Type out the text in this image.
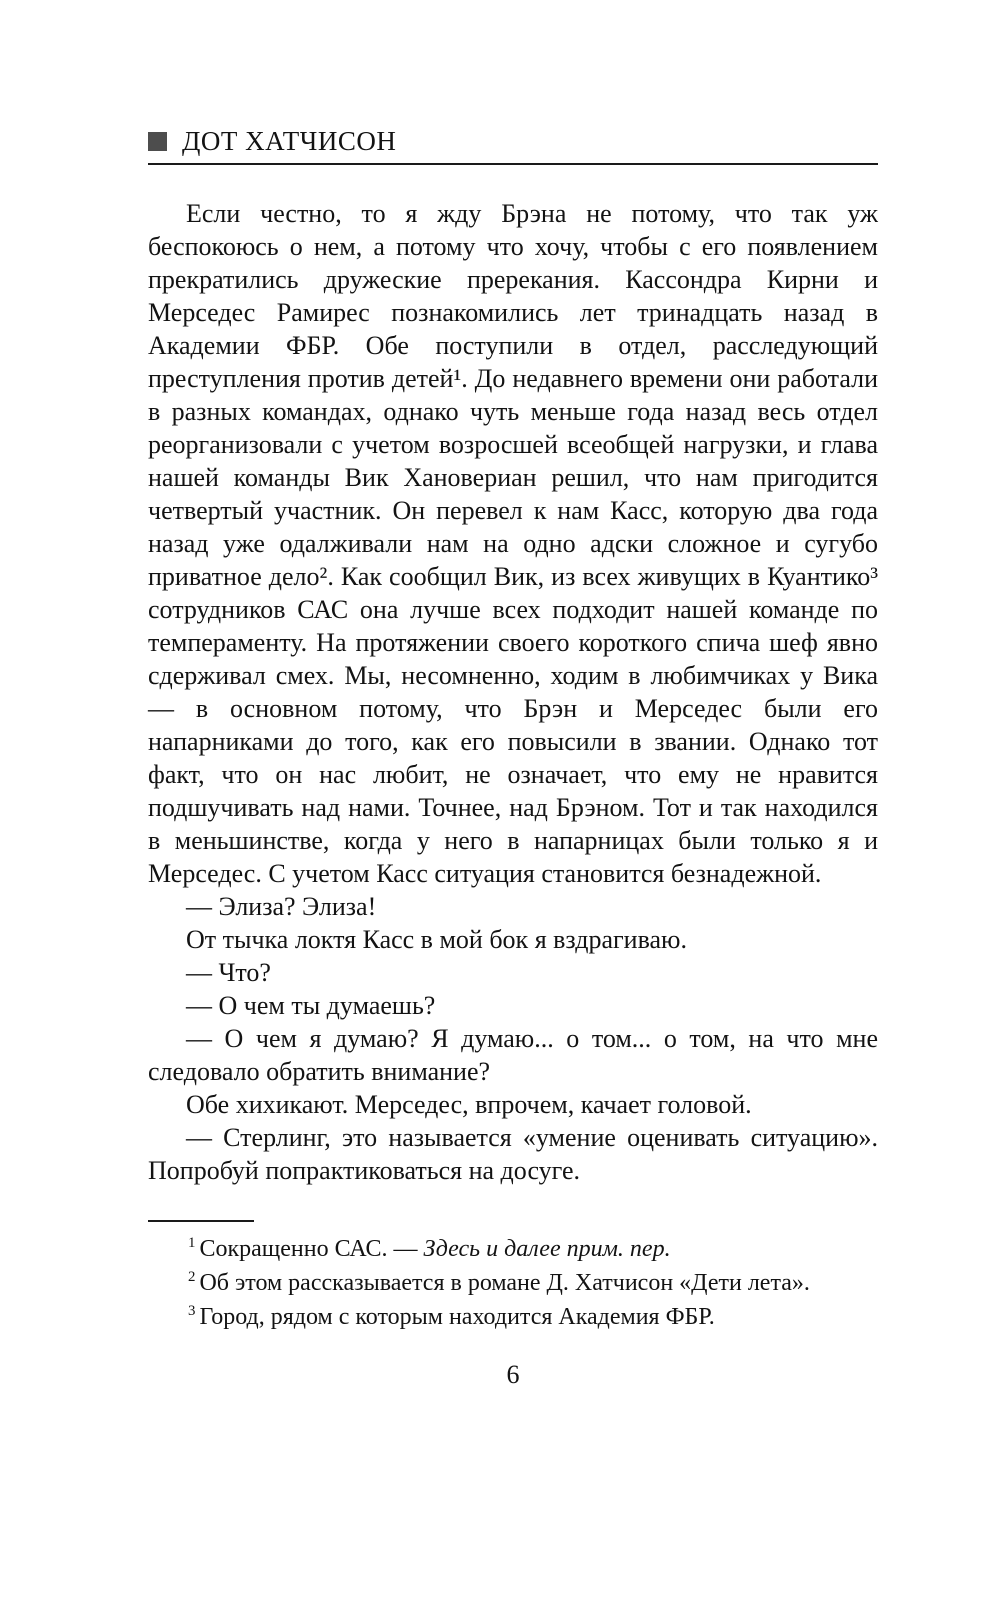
ДОТ ХАТЧИСОН

Если честно, то я жду Брэна не потому, что так уж беспокоюсь о нем, а потому что хочу, чтобы с его появлением прекратились дружеские пререкания. Кассондра Кирни и Мерседес Рамирес познакомились лет тринадцать назад в Академии ФБР. Обе поступили в отдел, расследующий преступления против детей¹. До недавнего времени они работали в разных командах, однако чуть меньше года назад весь отдел реорганизовали с учетом возросшей всеобщей нагрузки, и глава нашей команды Вик Хановериан решил, что нам пригодится четвертый участник. Он перевел к нам Касс, которую два года назад уже одалживали нам на одно адски сложное и сугубо приватное дело². Как сообщил Вик, из всех живущих в Куантико³ сотрудников САС она лучше всех подходит нашей команде по темпераменту. На протяжении своего короткого спича шеф явно сдерживал смех. Мы, несомненно, ходим в любимчиках у Вика — в основном потому, что Брэн и Мерседес были его напарниками до того, как его повысили в звании. Однако тот факт, что он нас любит, не означает, что ему не нравится подшучивать над нами. Точнее, над Брэном. Тот и так находился в меньшинстве, когда у него в напарницах были только я и Мерседес. С учетом Касс ситуация становится безнадежной.

— Элиза? Элиза!

От тычка локтя Касс в мой бок я вздрагиваю.

— Что?

— О чем ты думаешь?

— О чем я думаю? Я думаю... о том... о том, на что мне следовало обратить внимание?

Обе хихикают. Мерседес, впрочем, качает головой.

— Стерлинг, это называется «умение оценивать ситуацию». Попробуй попрактиковаться на досуге.

$^1$ Сокращенно САС. — Здесь и далее прим. пер.

$^2$ Об этом рассказывается в романе Д. Хатчисон «Дети лета».

$^3$ Город, рядом с которым находится Академия ФБР.

6
